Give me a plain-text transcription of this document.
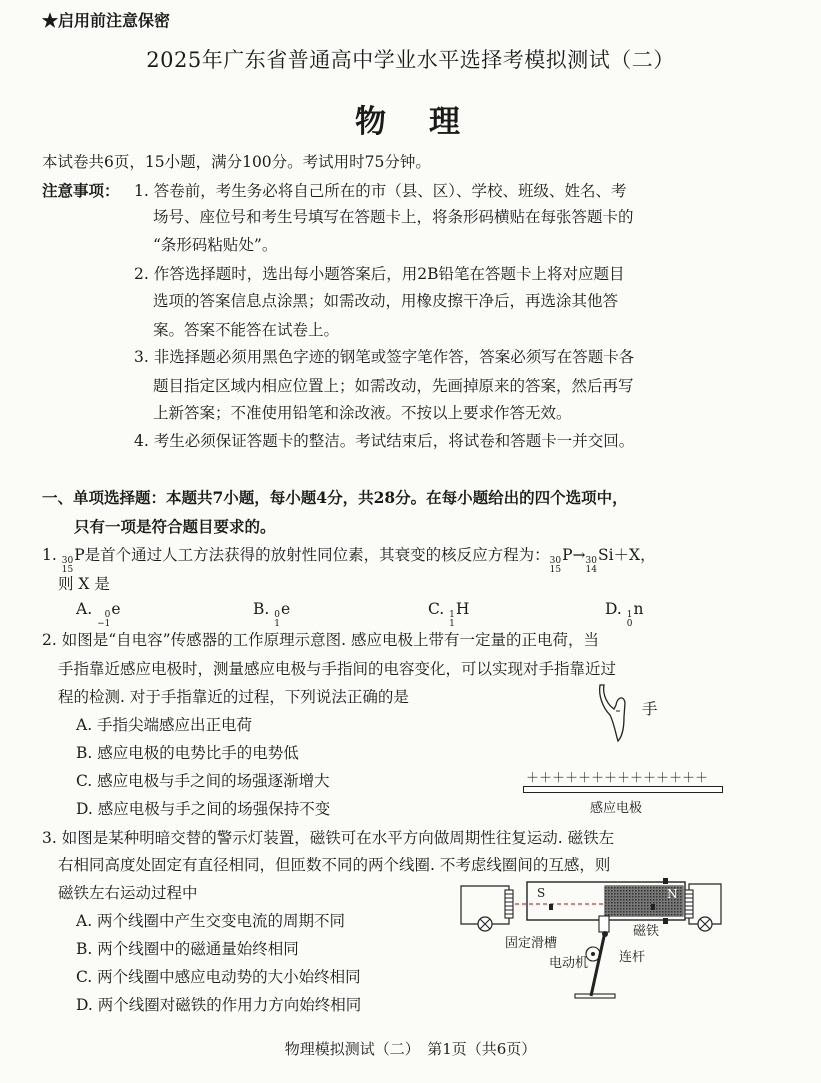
★启用前注意保密
2025年广东省普通高中学业水平选择考模拟测试（二）
物　理
本试卷共6页，15小题，满分100分。考试用时75分钟。
注意事项： 1. 答卷前，考生务必将自己所在的市（县、区）、学校、班级、姓名、考
场号、座位号和考生号填写在答题卡上，将条形码横贴在每张答题卡的
“条形码粘贴处”。
2. 作答选择题时，选出每小题答案后，用2B铅笔在答题卡上将对应题目
选项的答案信息点涂黑；如需改动，用橡皮擦干净后，再选涂其他答
案。答案不能答在试卷上。
3. 非选择题必须用黑色字迹的钢笔或签字笔作答，答案必须写在答题卡各
题目指定区域内相应位置上；如需改动，先画掉原来的答案，然后再写
上新答案；不准使用铅笔和涂改液。不按以上要求作答无效。
4. 考生必须保证答题卡的整洁。考试结束后，将试卷和答题卡一并交回。
一、单项选择题：本题共7小题，每小题4分，共28分。在每小题给出的四个选项中，
只有一项是符合题目要求的。
1. 30
15
P是首个通过人工方法获得的放射性同位素，其衰变的核反应方程为： 30
15
P→ 30
14
Si＋X，
则 X 是
A.	0
−1
e	B. 0
1
e	C. 1
1
H	D. 1
0
n
2. 如图是“自电容”传感器的工作原理示意图. 感应电极上带有一定量的正电荷，当
手指靠近感应电极时，测量感应电极与手指间的电容变化，可以实现对手指靠近过
程的检测. 对于手指靠近的过程，下列说法正确的是
A. 手指尖端感应出正电荷
B. 感应电极的电势比手的电势低
C. 感应电极与手之间的场强逐渐增大
D. 感应电极与手之间的场强保持不变
手
＋＋＋＋＋＋＋＋＋＋＋＋＋＋
感应电极
3. 如图是某种明暗交替的警示灯装置，磁铁可在水平方向做周期性往复运动. 磁铁左
右相同高度处固定有直径相同，但匝数不同的两个线圈. 不考虑线圈间的互感，则
磁铁左右运动过程中
A. 两个线圈中产生交变电流的周期不同
B. 两个线圈中的磁通量始终相同
C. 两个线圈中感应电动势的大小始终相同
D. 两个线圈对磁铁的作用力方向始终相同
S	N
磁铁
固定滑槽
电动机 连杆
物理模拟测试（二）　第1页（共6页）
